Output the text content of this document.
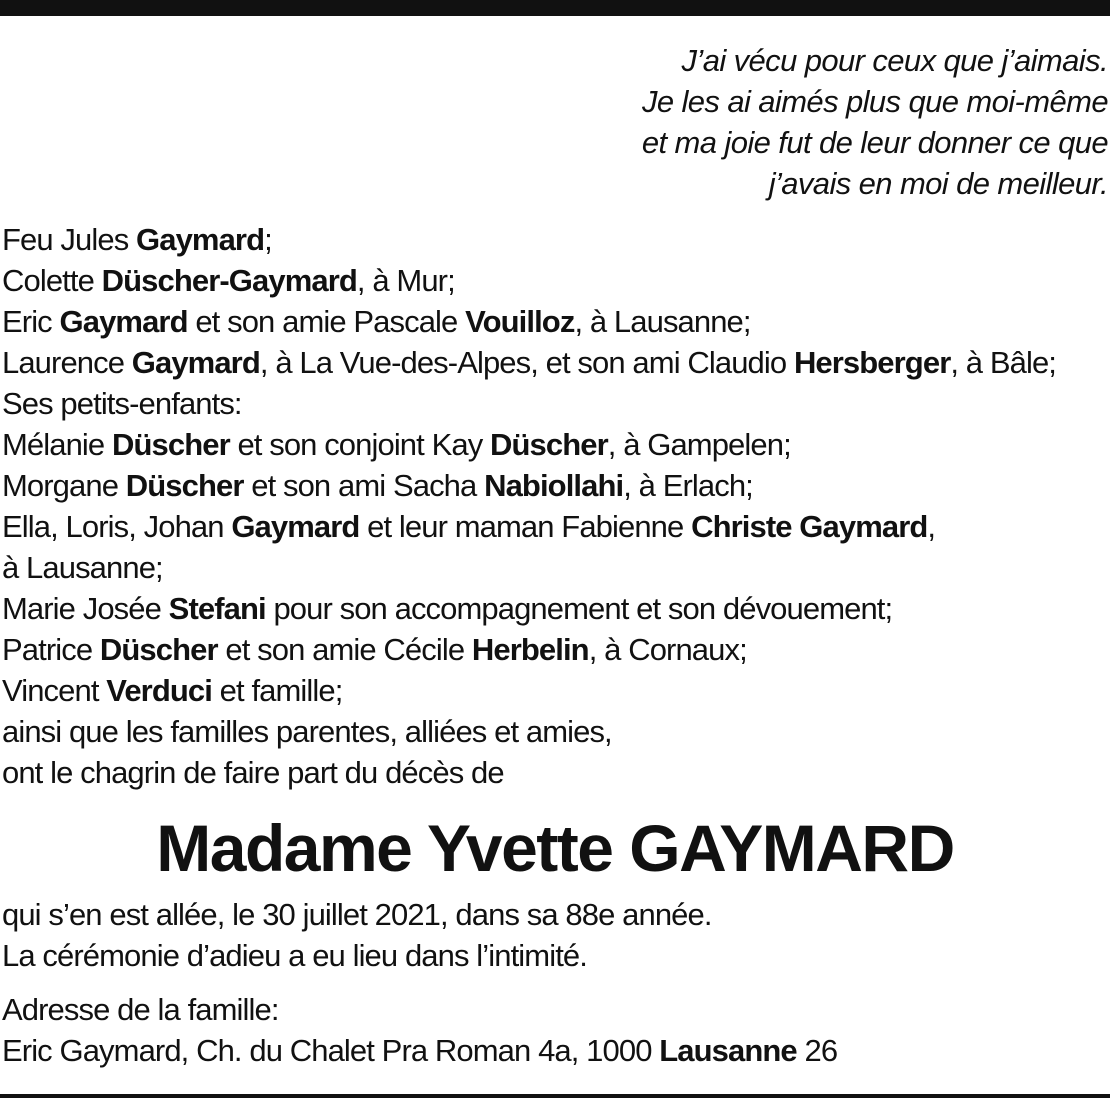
J’ai vécu pour ceux que j’aimais.
Je les ai aimés plus que moi-même
et ma joie fut de leur donner ce que
j’avais en moi de meilleur.
Feu Jules Gaymard;
Colette Düscher-Gaymard, à Mur;
Eric Gaymard et son amie Pascale Vouilloz, à Lausanne;
Laurence Gaymard, à La Vue-des-Alpes, et son ami Claudio Hersberger, à Bâle;
Ses petits-enfants:
Mélanie Düscher et son conjoint Kay Düscher, à Gampelen;
Morgane Düscher et son ami Sacha Nabiollahi, à Erlach;
Ella, Loris, Johan Gaymard et leur maman Fabienne Christe Gaymard,
à Lausanne;
Marie Josée Stefani pour son accompagnement et son dévouement;
Patrice Düscher et son amie Cécile Herbelin, à Cornaux;
Vincent Verduci et famille;
ainsi que les familles parentes, alliées et amies,
ont le chagrin de faire part du décès de
Madame Yvette GAYMARD
qui s’en est allée, le 30 juillet 2021, dans sa 88e année.
La cérémonie d’adieu a eu lieu dans l’intimité.
Adresse de la famille:
Eric Gaymard, Ch. du Chalet Pra Roman 4a, 1000 Lausanne 26
